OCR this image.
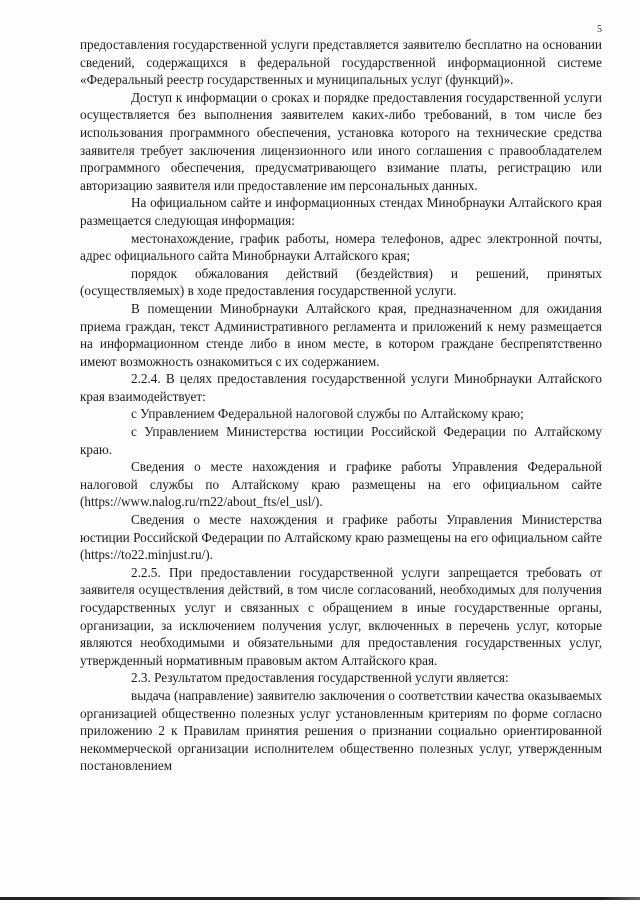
5

предоставления государственной услуги представляется заявителю бесплатно на основании сведений, содержащихся в федеральной государственной информационной системе «Федеральный реестр государственных и муниципальных услуг (функций)».

Доступ к информации о сроках и порядке предоставления государственной услуги осуществляется без выполнения заявителем каких-либо требований, в том числе без использования программного обеспечения, установка которого на технические средства заявителя требует заключения лицензионного или иного соглашения с правообладателем программного обеспечения, предусматривающего взимание платы, регистрацию или авторизацию заявителя или предоставление им персональных данных.

На официальном сайте и информационных стендах Минобрнауки Алтайского края размещается следующая информация:

местонахождение, график работы, номера телефонов, адрес электронной почты, адрес официального сайта Минобрнауки Алтайского края;

порядок обжалования действий (бездействия) и решений, принятых (осуществляемых) в ходе предоставления государственной услуги.

В помещении Минобрнауки Алтайского края, предназначенном для ожидания приема граждан, текст Административного регламента и приложений к нему размещается на информационном стенде либо в ином месте, в котором граждане беспрепятственно имеют возможность ознакомиться с их содержанием.

2.2.4. В целях предоставления государственной услуги Минобрнауки Алтайского края взаимодействует:

с Управлением Федеральной налоговой службы по Алтайскому краю;

с Управлением Министерства юстиции Российской Федерации по Алтайскому краю.

Сведения о месте нахождения и графике работы Управления Федеральной налоговой службы по Алтайскому краю размещены на его официальном сайте (https://www.nalog.ru/rn22/about_fts/el_usl/).

Сведения о месте нахождения и графике работы Управления Министерства юстиции Российской Федерации по Алтайскому краю размещены на его официальном сайте (https://to22.minjust.ru/).

2.2.5. При предоставлении государственной услуги запрещается требовать от заявителя осуществления действий, в том числе согласований, необходимых для получения государственных услуг и связанных с обращением в иные государственные органы, организации, за исключением получения услуг, включенных в перечень услуг, которые являются необходимыми и обязательными для предоставления государственных услуг, утвержденный нормативным правовым актом Алтайского края.

2.3. Результатом предоставления государственной услуги является:

выдача (направление) заявителю заключения о соответствии качества оказываемых организацией общественно полезных услуг установленным критериям по форме согласно приложению 2 к Правилам принятия решения о признании социально ориентированной некоммерческой организации исполнителем общественно полезных услуг, утвержденным постановлением
